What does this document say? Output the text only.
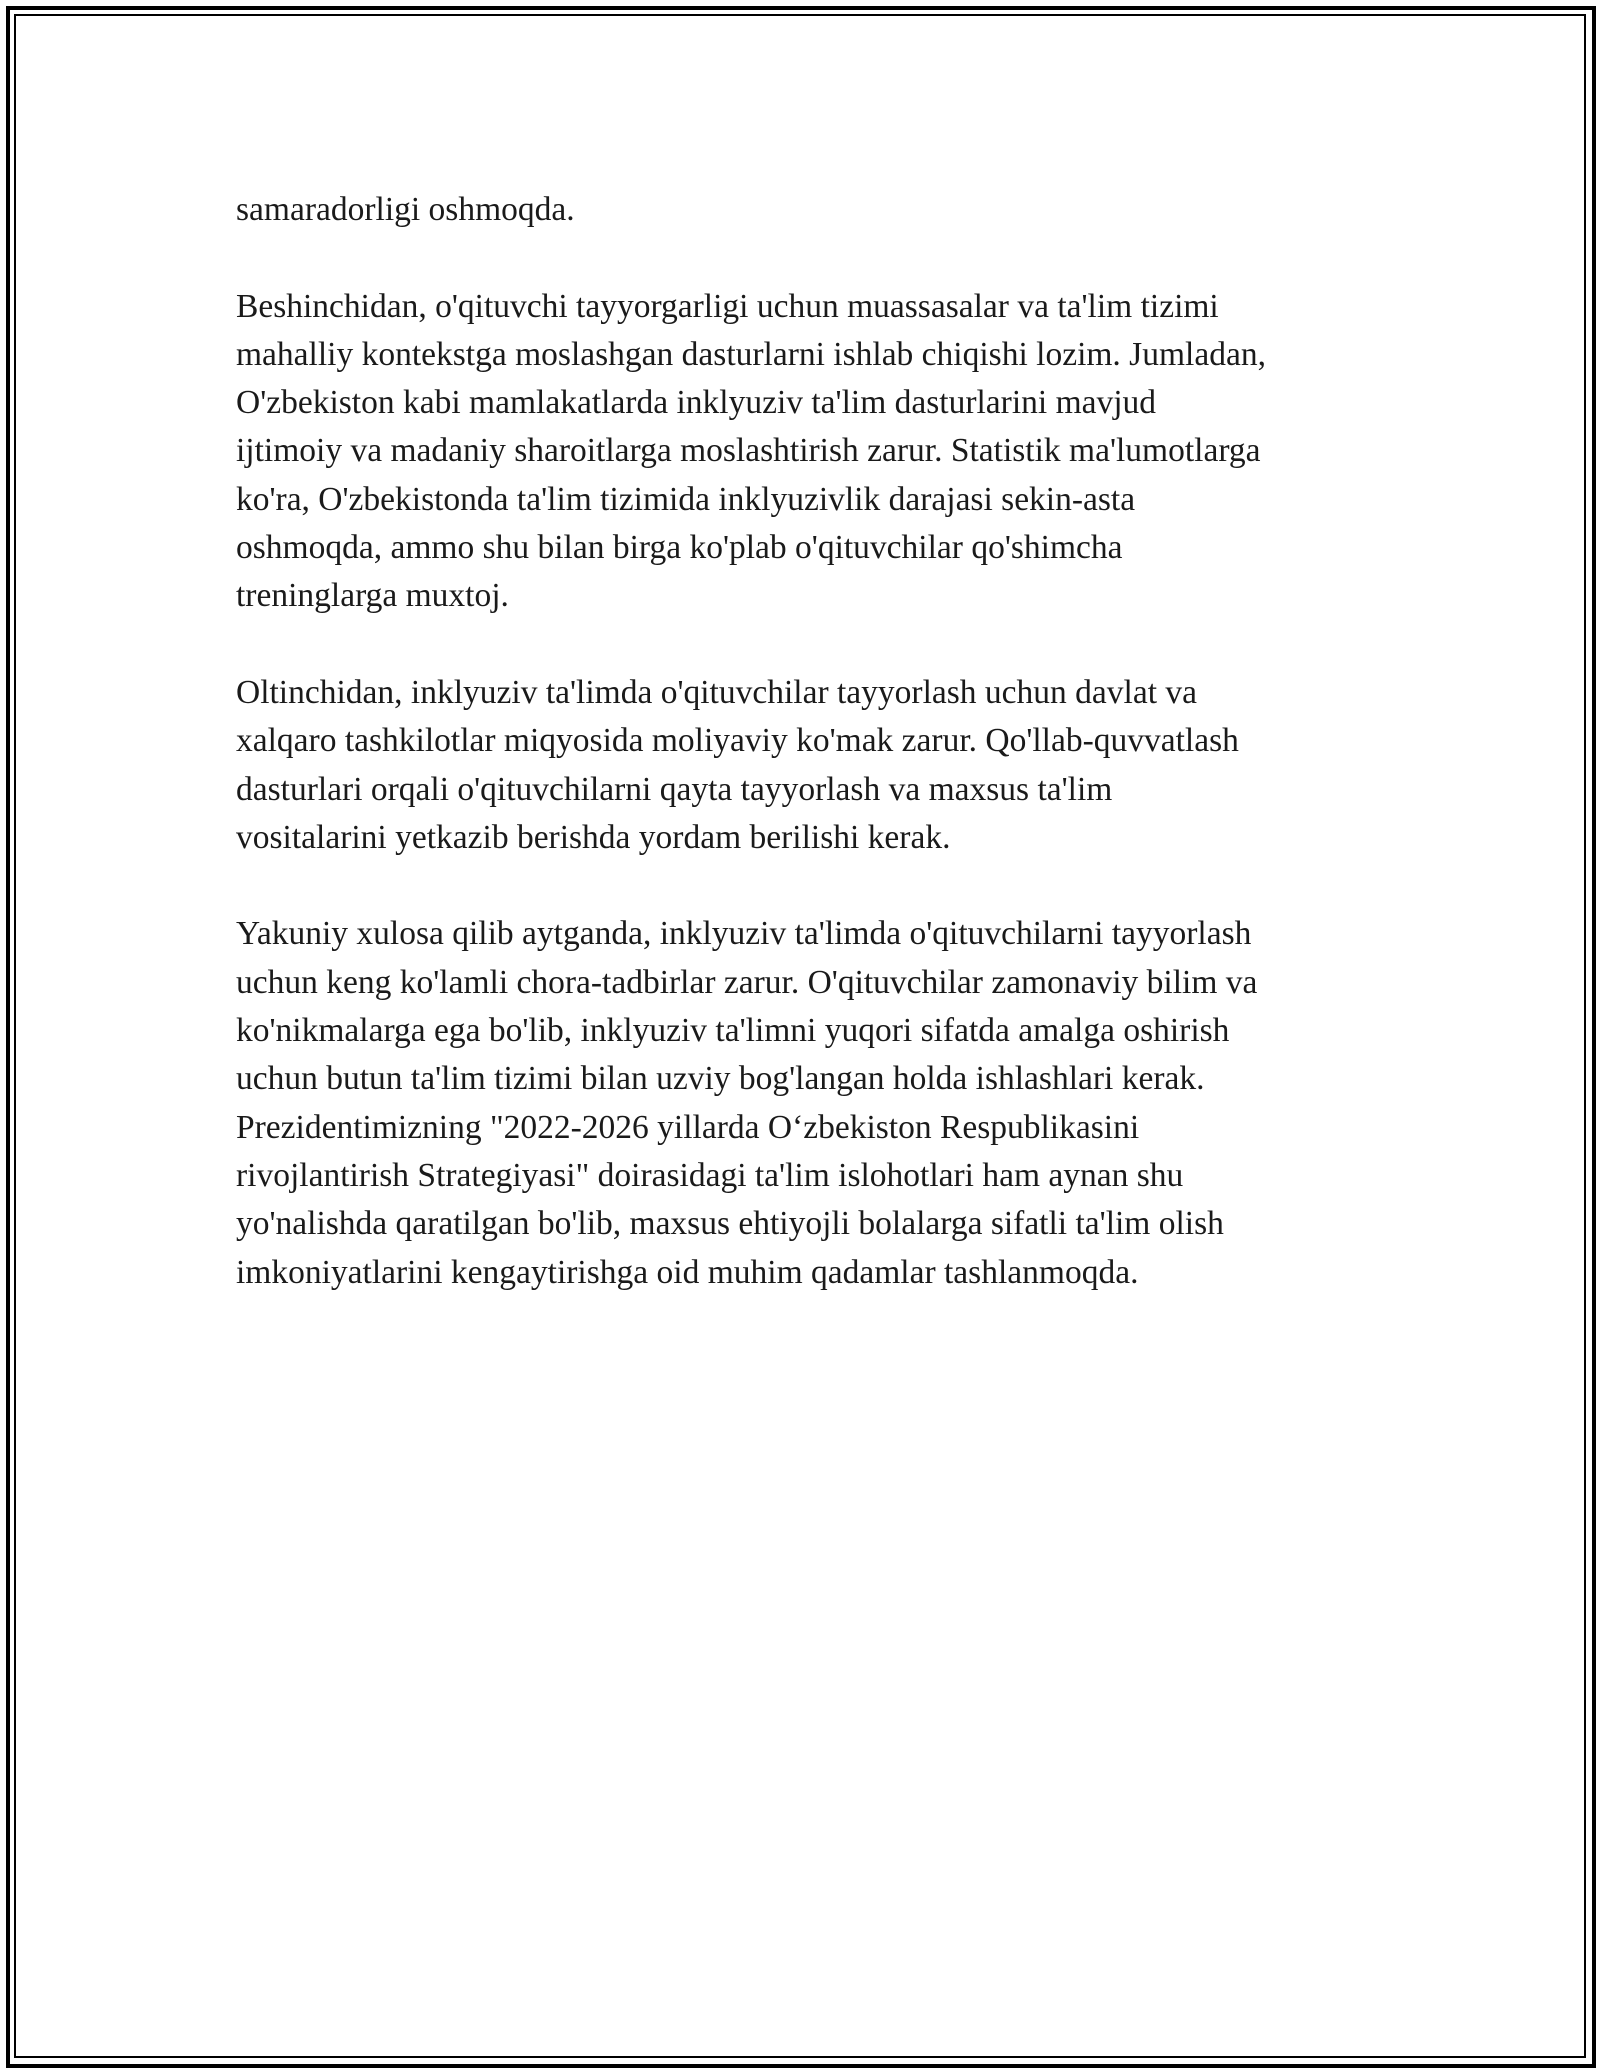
samaradorligi oshmoqda.

Beshinchidan, o'qituvchi tayyorgarligi uchun muassasalar va ta'lim tizimi
mahalliy kontekstga moslashgan dasturlarni ishlab chiqishi lozim. Jumladan,
O'zbekiston kabi mamlakatlarda inklyuziv ta'lim dasturlarini mavjud
ijtimoiy va madaniy sharoitlarga moslashtirish zarur. Statistik ma'lumotlarga
ko'ra, O'zbekistonda ta'lim tizimida inklyuzivlik darajasi sekin-asta
oshmoqda, ammo shu bilan birga ko'plab o'qituvchilar qo'shimcha
treninglarga muxtoj.

Oltinchidan, inklyuziv ta'limda o'qituvchilar tayyorlash uchun davlat va
xalqaro tashkilotlar miqyosida moliyaviy ko'mak zarur. Qo'llab-quvvatlash
dasturlari orqali o'qituvchilarni qayta tayyorlash va maxsus ta'lim
vositalarini yetkazib berishda yordam berilishi kerak.

Yakuniy xulosa qilib aytganda, inklyuziv ta'limda o'qituvchilarni tayyorlash
uchun keng ko'lamli chora-tadbirlar zarur. O'qituvchilar zamonaviy bilim va
ko'nikmalarga ega bo'lib, inklyuziv ta'limni yuqori sifatda amalga oshirish
uchun butun ta'lim tizimi bilan uzviy bog'langan holda ishlashlari kerak.
Prezidentimizning "2022-2026 yillarda O‘zbekiston Respublikasini
rivojlantirish Strategiyasi" doirasidagi ta'lim islohotlari ham aynan shu
yo'nalishda qaratilgan bo'lib, maxsus ehtiyojli bolalarga sifatli ta'lim olish
imkoniyatlarini kengaytirishga oid muhim qadamlar tashlanmoqda.
